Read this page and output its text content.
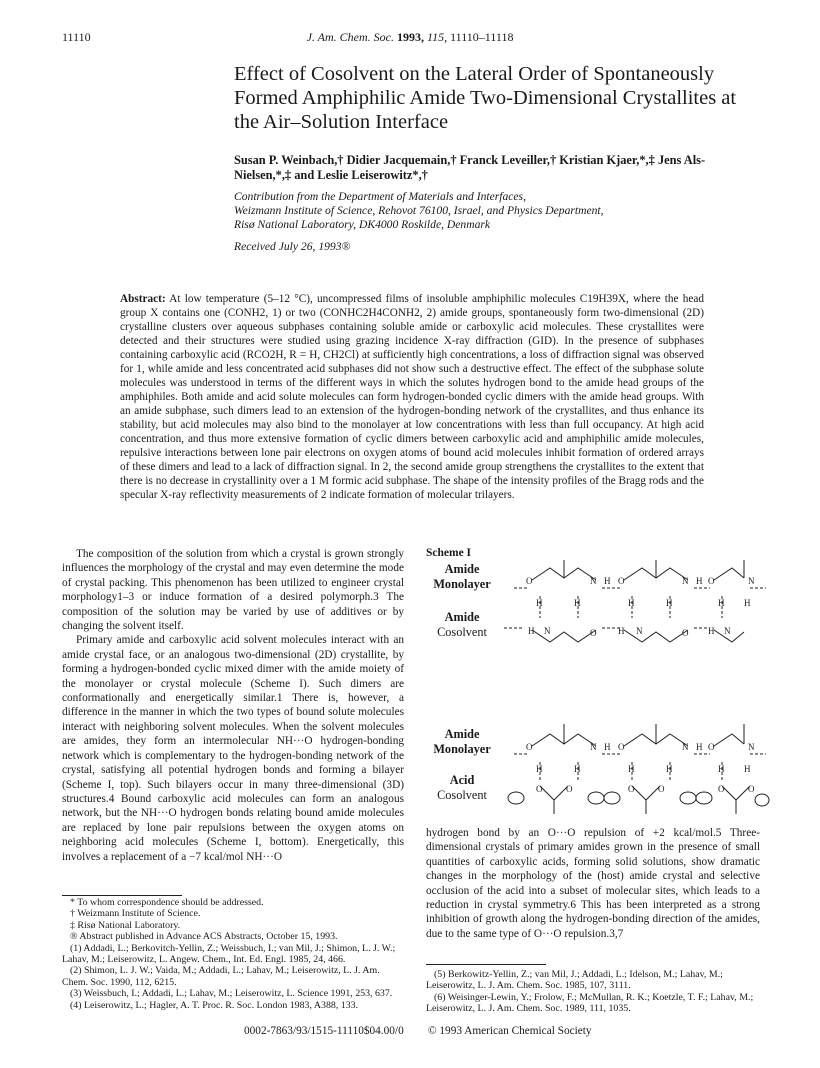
11110	J. Am. Chem. Soc. 1993, 115, 11110–11118
Effect of Cosolvent on the Lateral Order of Spontaneously Formed Amphiphilic Amide Two-Dimensional Crystallites at the Air–Solution Interface
Susan P. Weinbach,† Didier Jacquemain,† Franck Leveiller,† Kristian Kjaer,*,‡ Jens Als-Nielsen,*,‡ and Leslie Leiserowitz*,†
Contribution from the Department of Materials and Interfaces,
Weizmann Institute of Science, Rehovot 76100, Israel, and Physics Department,
Risø National Laboratory, DK4000 Roskilde, Denmark
Received July 26, 1993®
Abstract: At low temperature (5–12 °C), uncompressed films of insoluble amphiphilic molecules C19H39X, where the head group X contains one (CONH2, 1) or two (CONHC2H4CONH2, 2) amide groups, spontaneously form two-dimensional (2D) crystalline clusters over aqueous subphases containing soluble amide or carboxylic acid molecules. These crystallites were detected and their structures were studied using grazing incidence X-ray diffraction (GID). In the presence of subphases containing carboxylic acid (RCO2H, R = H, CH2Cl) at sufficiently high concentrations, a loss of diffraction signal was observed for 1, while amide and less concentrated acid subphases did not show such a destructive effect. The effect of the subphase solute molecules was understood in terms of the different ways in which the solutes hydrogen bond to the amide head groups of the amphiphiles. Both amide and acid solute molecules can form hydrogen-bonded cyclic dimers with the amide head groups. With an amide subphase, such dimers lead to an extension of the hydrogen-bonding network of the crystallites, and thus enhance its stability, but acid molecules may also bind to the monolayer at low concentrations with less than full occupancy. At high acid concentration, and thus more extensive formation of cyclic dimers between carboxylic acid and amphiphilic amide molecules, repulsive interactions between lone pair electrons on oxygen atoms of bound acid molecules inhibit formation of ordered arrays of these dimers and lead to a lack of diffraction signal. In 2, the second amide group strengthens the crystallites to the extent that there is no decrease in crystallinity over a 1 M formic acid subphase. The shape of the intensity profiles of the Bragg rods and the specular X-ray reflectivity measurements of 2 indicate formation of molecular trilayers.

The composition of the solution from which a crystal is grown strongly influences the morphology of the crystal and may even determine the mode of crystal packing. This phenomenon has been utilized to engineer crystal morphology1–3 or induce formation of a desired polymorph.3 The composition of the solution may be varied by use of additives or by changing the solvent itself.

Primary amide and carboxylic acid solvent molecules interact with an amide crystal face, or an analogous two-dimensional (2D) crystallite, by forming a hydrogen-bonded cyclic mixed dimer with the amide moiety of the monolayer or crystal molecule (Scheme I). Such dimers are conformationally and energetically similar.1 There is, however, a difference in the manner in which the two types of bound solute molecules interact with neighboring solvent molecules. When the solvent molecules are amides, they form an intermolecular NH···O hydrogen-bonding network which is complementary to the hydrogen-bonding network of the crystal, satisfying all potential hydrogen bonds and forming a bilayer (Scheme I, top). Such bilayers occur in many three-dimensional (3D) structures.4 Bound carboxylic acid molecules can form an analogous network, but the NH···O hydrogen bonds relating bound amide molecules are replaced by lone pair repulsions between the oxygen atoms on neighboring acid molecules (Scheme I, bottom). Energetically, this involves a replacement of a −7 kcal/mol NH···O

* To whom correspondence should be addressed.
† Weizmann Institute of Science.
‡ Risø National Laboratory.
® Abstract published in Advance ACS Abstracts, October 15, 1993.
(1) Addadi, L.; Berkovitch-Yellin, Z.; Weissbuch, I.; van Mil, J.; Shimon, L. J. W.; Lahav, M.; Leiserowitz, L. Angew. Chem., Int. Ed. Engl. 1985, 24, 466.
(2) Shimon, L. J. W.; Vaida, M.; Addadi, L.; Lahav, M.; Leiserowitz, L. J. Am. Chem. Soc. 1990, 112, 6215.
(3) Weissbuch, I.; Addadi, L.; Lahav, M.; Leiserowitz, L. Science 1991, 253, 637.
(4) Leiserowitz, L.; Hagler, A. T. Proc. R. Soc. London 1983, A388, 133.
Scheme I
Amide
Monolayer
Amide
Cosolvent
Amide
Monolayer
Acid
Cosolvent
O	N H O	N H O	N
H	H	H	H	H H
H N	O H N	O H N
O	N H O	N H O	N
H	H	H	H	H H
O	O	O	O	O	O

hydrogen bond by an O···O repulsion of +2 kcal/mol.5 Three-dimensional crystals of primary amides grown in the presence of small quantities of carboxylic acids, forming solid solutions, show dramatic changes in the morphology of the (host) amide crystal and selective occlusion of the acid into a subset of molecular sites, which leads to a reduction in crystal symmetry.6 This has been interpreted as a strong inhibition of growth along the hydrogen-bonding direction of the amides, due to the same type of O···O repulsion.3,7

(5) Berkowitz-Yellin, Z.; van Mil, J.; Addadi, L.; Idelson, M.; Lahav, M.; Leiserowitz, L. J. Am. Chem. Soc. 1985, 107, 3111.
(6) Weisinger-Lewin, Y.; Frolow, F.; McMullan, R. K.; Koetzle, T. F.; Lahav, M.; Leiserowitz, L. J. Am. Chem. Soc. 1989, 111, 1035.
0002-7863/93/1515-11110$04.00/0 © 1993 American Chemical Society
